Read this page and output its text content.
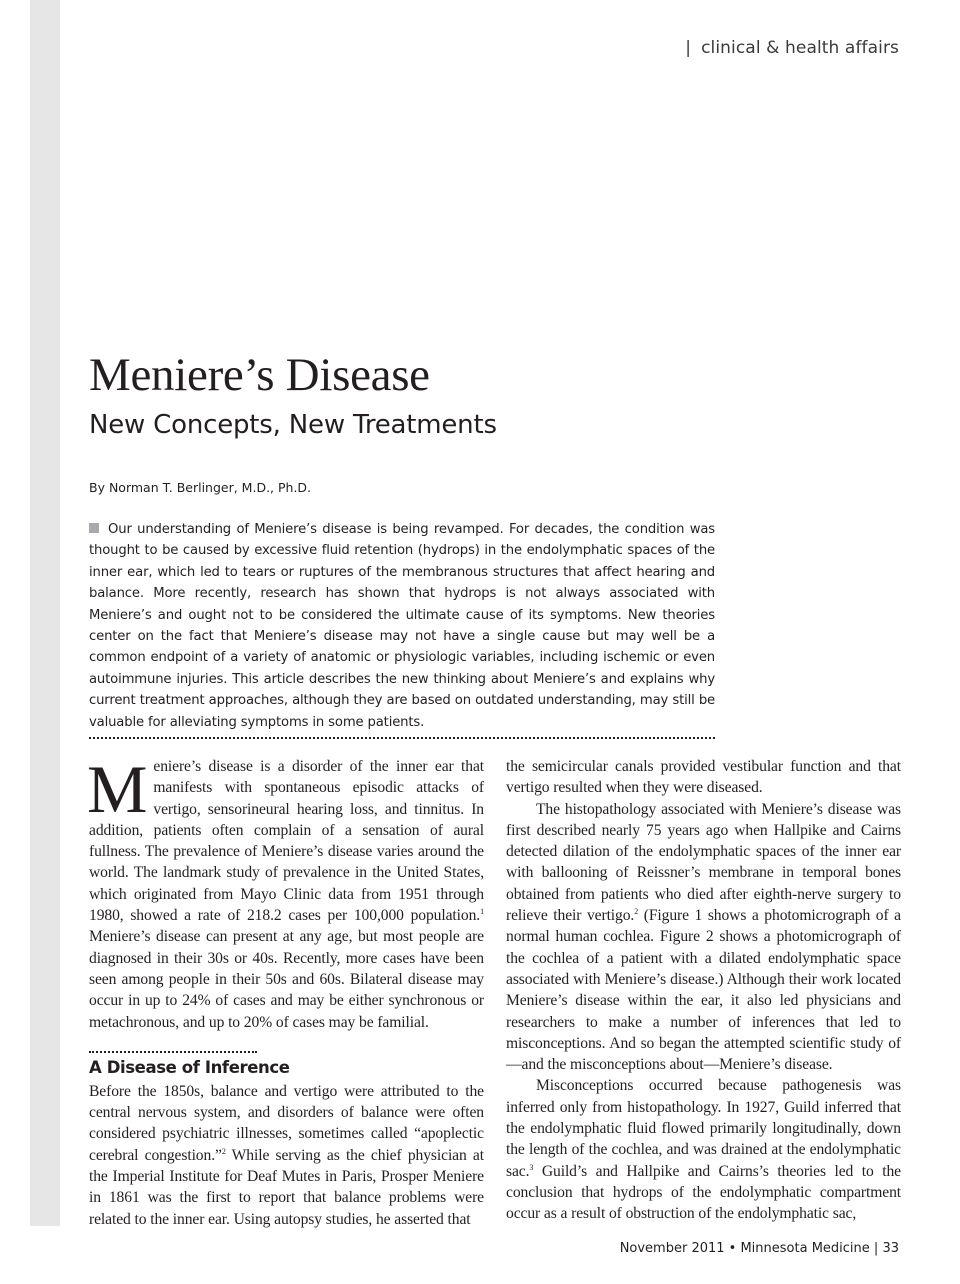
| clinical & health affairs
Meniere’s Disease
New Concepts, New Treatments
By Norman T. Berlinger, M.D., Ph.D.

Our understanding of Meniere’s disease is being revamped. For decades, the condition was thought to be caused by excessive fluid retention (hydrops) in the endolymphatic spaces of the inner ear, which led to tears or ruptures of the membranous structures that affect hearing and balance. More recently, research has shown that hydrops is not always associated with Meniere’s and ought not to be considered the ultimate cause of its symptoms. New theories center on the fact that Meniere’s disease may not have a single cause but may well be a common endpoint of a variety of anatomic or physiologic variables, including ischemic or even autoimmune injuries. This article describes the new thinking about Meniere’s and explains why current treatment approaches, although they are based on outdated understanding, may still be valuable for alleviating symptoms in some patients.

Meniere’s disease is a disorder of the inner ear that manifests with spontaneous episodic attacks of vertigo, sensorineural hearing loss, and tinnitus. In addition, patients often complain of a sensation of aural fullness. The prevalence of Meniere’s disease varies around the world. The landmark study of prevalence in the United States, which originated from Mayo Clinic data from 1951 through 1980, showed a rate of 218.2 cases per 100,000 population.$^1$ Meniere’s disease can present at any age, but most people are diagnosed in their 30s or 40s. Recently, more cases have been seen among people in their 50s and 60s. Bilateral disease may occur in up to 24% of cases and may be either synchronous or metachronous, and up to 20% of cases may be familial.

A Disease of Inference

Before the 1850s, balance and vertigo were attributed to the central nervous system, and disorders of balance were often considered psychiatric illnesses, sometimes called “apoplectic cerebral congestion.”$^2$ While serving as the chief physician at the Imperial Institute for Deaf Mutes in Paris, Prosper Meniere in 1861 was the first to report that balance problems were related to the inner ear. Using autopsy studies, he asserted that

the semicircular canals provided vestibular function and that vertigo resulted when they were diseased.

The histopathology associated with Meniere’s disease was first described nearly 75 years ago when Hallpike and Cairns detected dilation of the endolymphatic spaces of the inner ear with ballooning of Reissner’s membrane in temporal bones obtained from patients who died after eighth-nerve surgery to relieve their vertigo.$^2$ (Figure 1 shows a photomicrograph of a normal human cochlea. Figure 2 shows a photomicrograph of the cochlea of a patient with a dilated endolymphatic space associated with Meniere’s disease.) Although their work located Meniere’s disease within the ear, it also led physicians and researchers to make a number of inferences that led to misconceptions. And so began the attempted scientific study of—and the misconceptions about—Meniere’s disease.

Misconceptions occurred because pathogenesis was inferred only from histopathology. In 1927, Guild inferred that the endolymphatic fluid flowed primarily longitudinally, down the length of the cochlea, and was drained at the endolymphatic sac.$^3$ Guild’s and Hallpike and Cairns’s theories led to the conclusion that hydrops of the endolymphatic compartment occur as a result of obstruction of the endolymphatic sac,

November 2011 • Minnesota Medicine | 33
